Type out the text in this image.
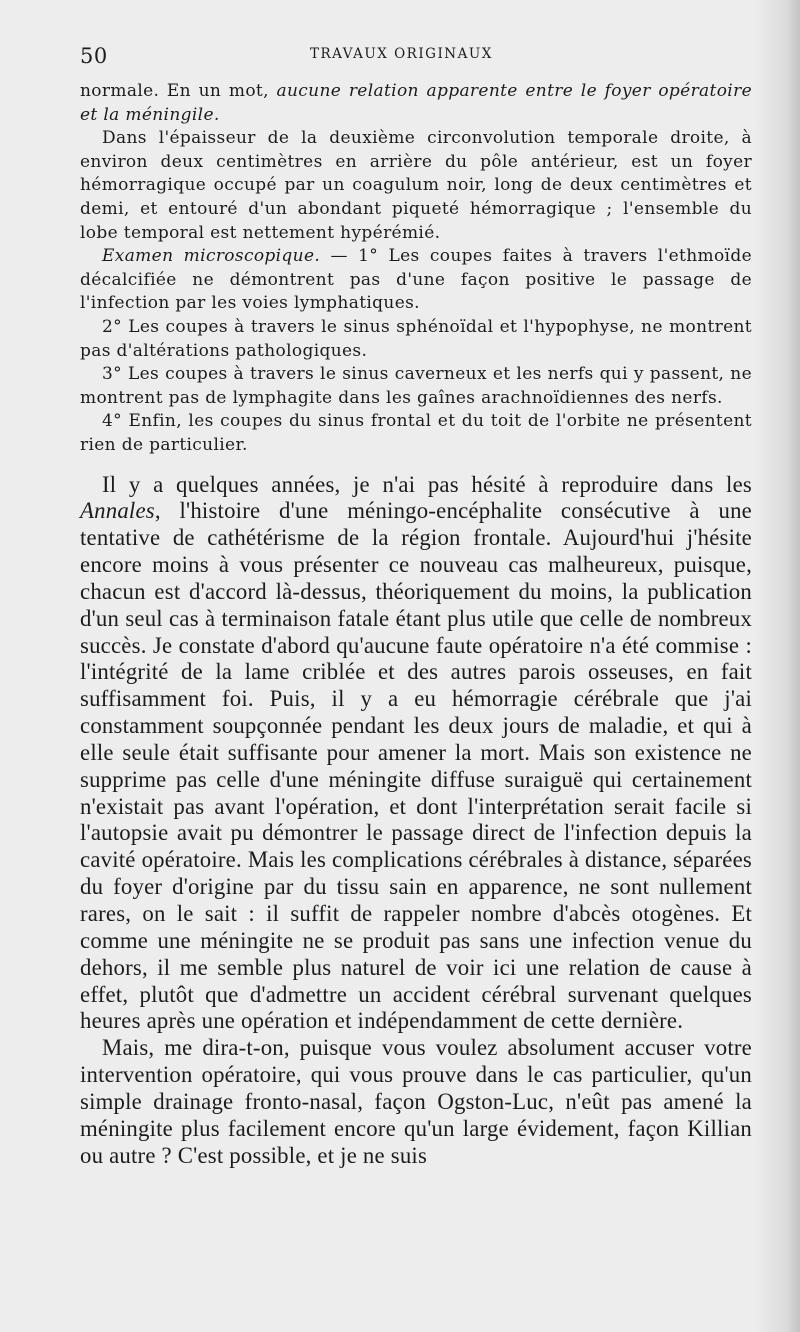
50	TRAVAUX ORIGINAUX

normale. En un mot, aucune relation apparente entre le foyer opératoire et la méningile.

Dans l'épaisseur de la deuxième circonvolution temporale droite, à environ deux centimètres en arrière du pôle antérieur, est un foyer hémorragique occupé par un coagulum noir, long de deux centimètres et demi, et entouré d'un abondant piqueté hémorragique ; l'ensemble du lobe temporal est nettement hypérémié.

Examen microscopique. — 1° Les coupes faites à travers l'ethmoïde décalcifiée ne démontrent pas d'une façon positive le passage de l'infection par les voies lymphatiques.

2° Les coupes à travers le sinus sphénoïdal et l'hypophyse, ne montrent pas d'altérations pathologiques.

3° Les coupes à travers le sinus caverneux et les nerfs qui y passent, ne montrent pas de lymphagite dans les gaînes arachnoïdiennes des nerfs.

4° Enfin, les coupes du sinus frontal et du toit de l'orbite ne présentent rien de particulier.

Il y a quelques années, je n'ai pas hésité à reproduire dans les Annales, l'histoire d'une méningo-encéphalite consécutive à une tentative de cathétérisme de la région frontale. Aujourd'hui j'hésite encore moins à vous présenter ce nouveau cas malheureux, puisque, chacun est d'accord là-dessus, théoriquement du moins, la publication d'un seul cas à terminaison fatale étant plus utile que celle de nombreux succès. Je constate d'abord qu'aucune faute opératoire n'a été commise : l'intégrité de la lame criblée et des autres parois osseuses, en fait suffisamment foi. Puis, il y a eu hémorragie cérébrale que j'ai constamment soupçonnée pendant les deux jours de maladie, et qui à elle seule était suffisante pour amener la mort. Mais son existence ne supprime pas celle d'une méningite diffuse suraiguë qui certainement n'existait pas avant l'opération, et dont l'interprétation serait facile si l'autopsie avait pu démontrer le passage direct de l'infection depuis la cavité opératoire. Mais les complications cérébrales à distance, séparées du foyer d'origine par du tissu sain en apparence, ne sont nullement rares, on le sait : il suffit de rappeler nombre d'abcès otogènes. Et comme une méningite ne se produit pas sans une infection venue du dehors, il me semble plus naturel de voir ici une relation de cause à effet, plutôt que d'admettre un accident cérébral survenant quelques heures après une opération et indépendamment de cette dernière.

Mais, me dira-t-on, puisque vous voulez absolument accuser votre intervention opératoire, qui vous prouve dans le cas particulier, qu'un simple drainage fronto-nasal, façon Ogston-Luc, n'eût pas amené la méningite plus facilement encore qu'un large évidement, façon Killian ou autre ? C'est possible, et je ne suis
